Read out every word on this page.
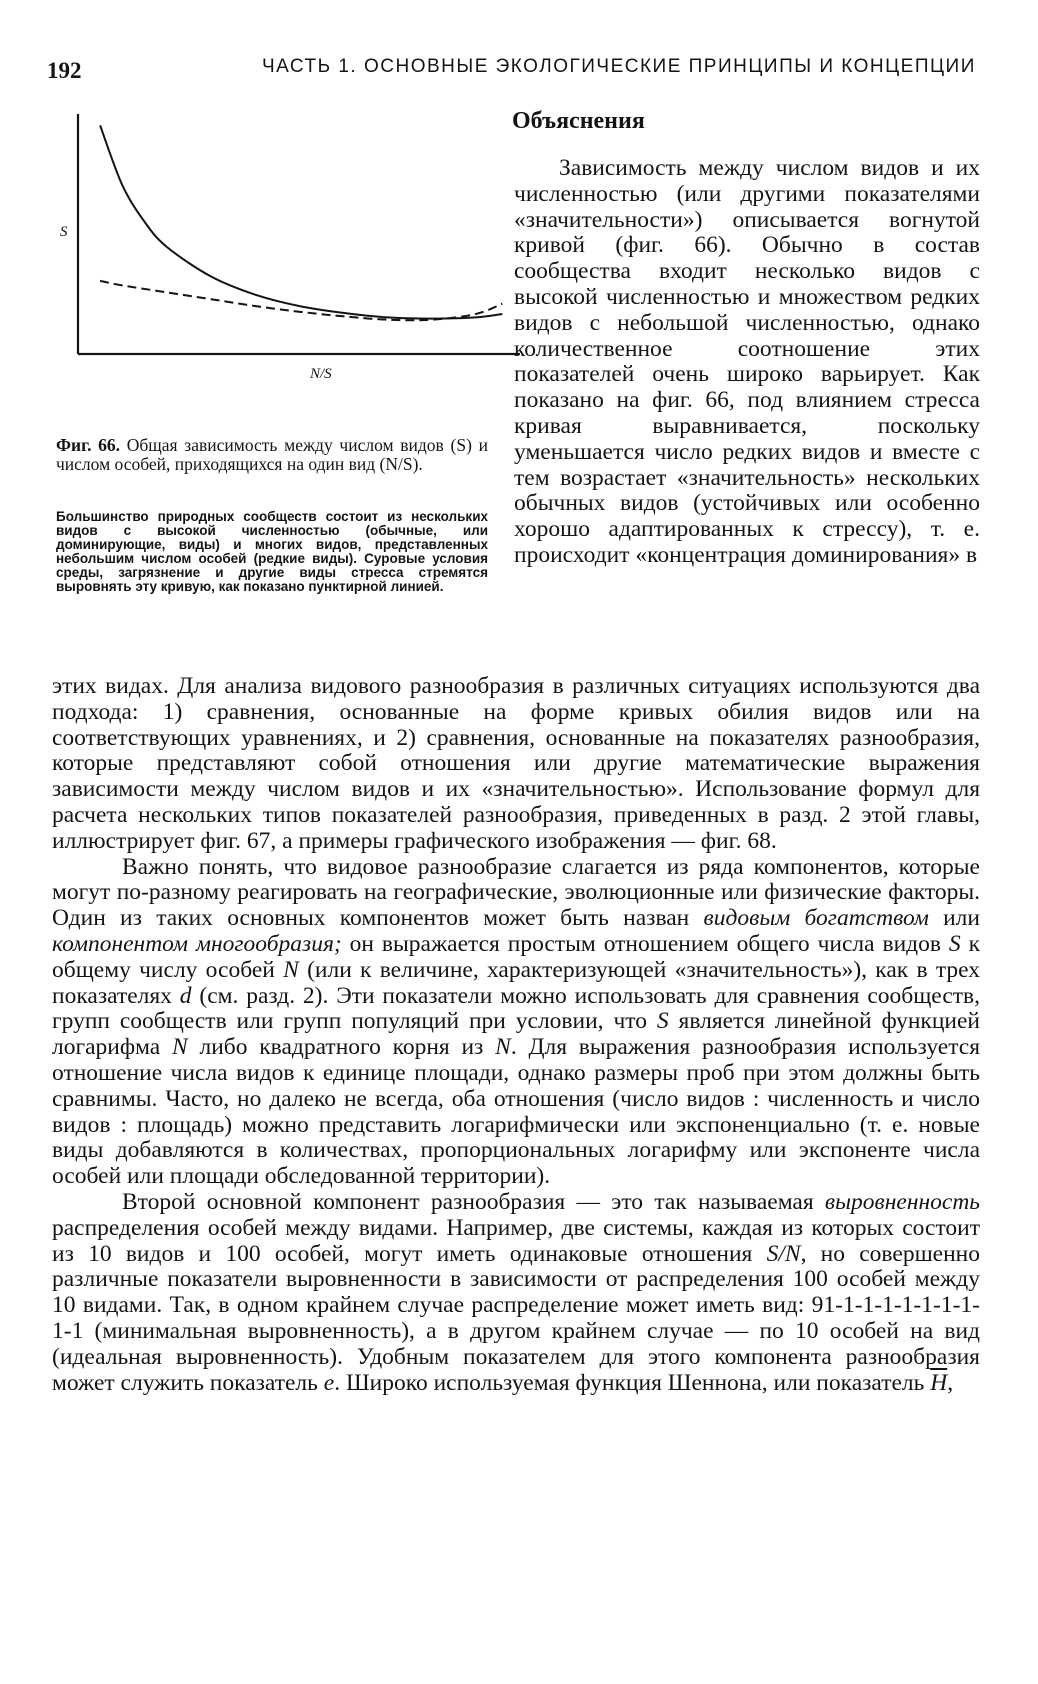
192	ЧАСТЬ 1. ОСНОВНЫЕ ЭКОЛОГИЧЕСКИЕ ПРИНЦИПЫ И КОНЦЕПЦИИ
S
N/S
Фиг. 66. Общая зависимость между числом видов (S) и числом особей, приходящихся на один вид (N/S).
Большинство природных сообществ состоит из нескольких видов с высокой численностью (обычные, или доминирующие, виды) и многих видов, представленных небольшим числом особей (редкие виды). Суровые условия среды, загрязнение и другие виды стресса стремятся выровнять эту кривую, как показано пунктирной линией.
Объяснения

Зависимость между числом видов и их численностью (или другими показателями «значительности») описывается вогнутой кривой (фиг. 66). Обычно в состав сообщества входит несколько видов с высокой численностью и множеством редких видов с небольшой численностью, однако количественное соотношение этих показателей очень широко варьирует. Как показано на фиг. 66, под влиянием стресса кривая выравнивается, поскольку уменьшается число редких видов и вместе с тем возрастает «значительность» нескольких обычных видов (устойчивых или особенно хорошо адаптированных к стрессу), т. е. происходит «концентрация доминирования» в

этих видах. Для анализа видового разнообразия в различных ситуациях используются два подхода: 1) сравнения, основанные на форме кривых обилия видов или на соответствующих уравнениях, и 2) сравнения, основанные на показателях разнообразия, которые представляют собой отношения или другие математические выражения зависимости между числом видов и их «значительностью». Использование формул для расчета нескольких типов показателей разнообразия, приведенных в разд. 2 этой главы, иллюстрирует фиг. 67, а примеры графического изображения — фиг. 68.

Важно понять, что видовое разнообразие слагается из ряда компонентов, которые могут по-разному реагировать на географические, эволюционные или физические факторы. Один из таких основных компонентов может быть назван видовым богатством или компонентом многообразия; он выражается простым отношением общего числа видов S к общему числу особей N (или к величине, характеризующей «значительность»), как в трех показателях d (см. разд. 2). Эти показатели можно использовать для сравнения сообществ, групп сообществ или групп популяций при условии, что S является линейной функцией логарифма N либо квадратного корня из N. Для выражения разнообразия используется отношение числа видов к единице площади, однако размеры проб при этом должны быть сравнимы. Часто, но далеко не всегда, оба отношения (число видов : численность и число видов : площадь) можно представить логарифмически или экспоненциально (т. е. новые виды добавляются в количествах, пропорциональных логарифму или экспоненте числа особей или площади обследованной территории).

Второй основной компонент разнообразия — это так называемая выровненность распределения особей между видами. Например, две системы, каждая из которых состоит из 10 видов и 100 особей, могут иметь одинаковые отношения S/N, но совершенно различные показатели выровненности в зависимости от распределения 100 особей между 10 видами. Так, в одном крайнем случае распределение может иметь вид: 91-1-1-1-1-1-1-1-1-1 (минимальная выровненность), а в другом крайнем случае — по 10 особей на вид (идеальная выровненность). Удобным показателем для этого компонента разнообразия может служить показатель e. Широко используемая функция Шеннона, или показатель $\overline{H}$,
